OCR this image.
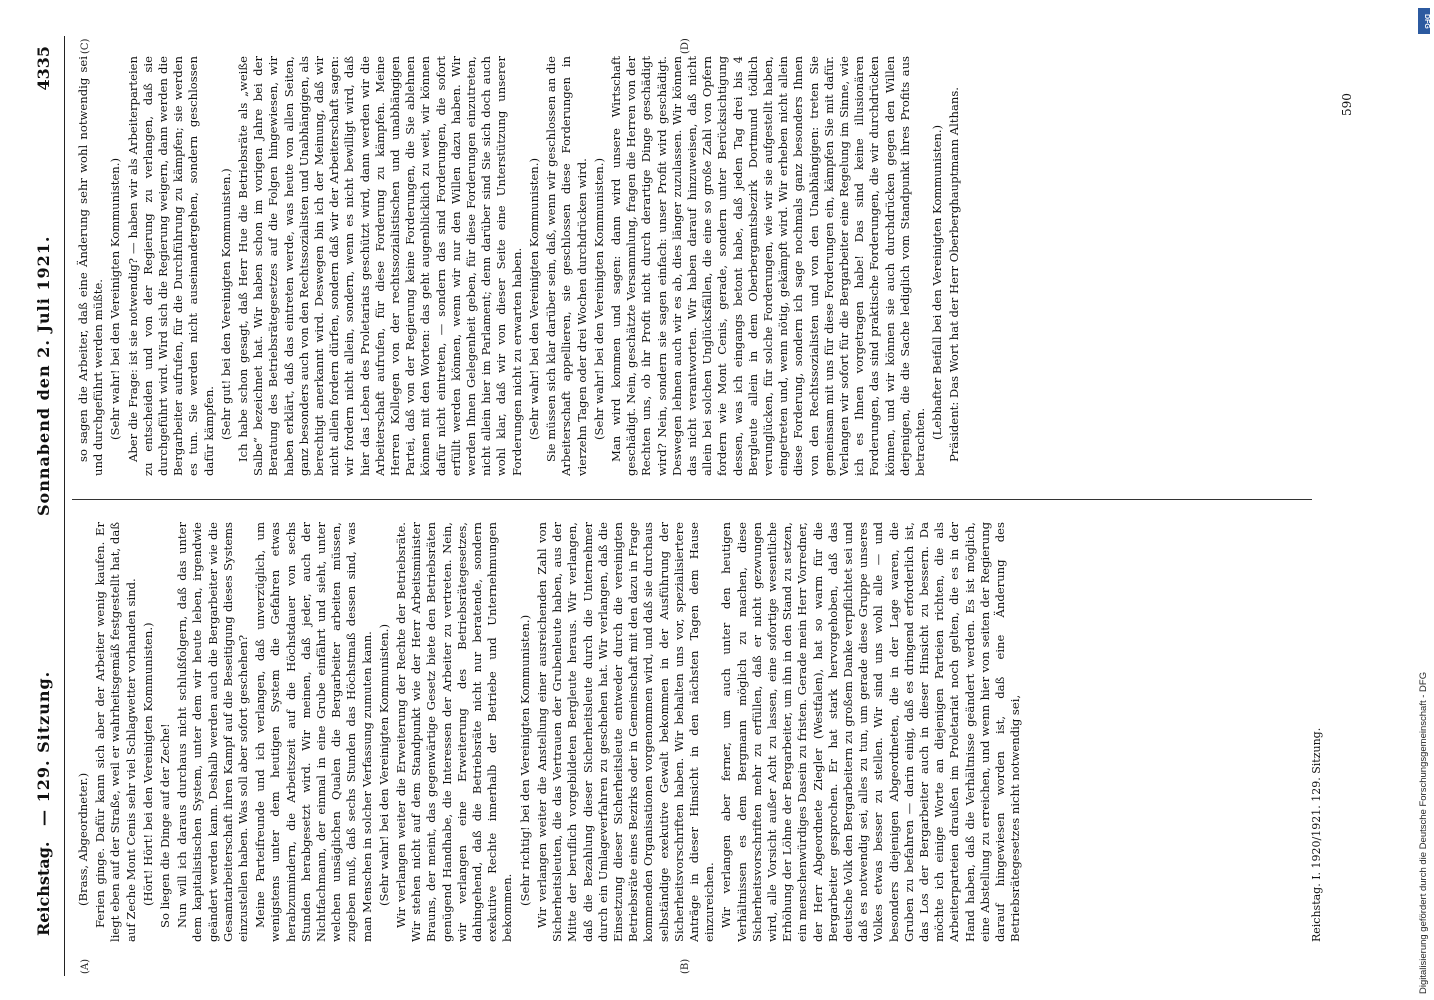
Reichstag.
— 129. Sitzung.
Sonnabend den 2. Juli 1921.
4335
(A)	(B)
(C)	(D)

(Brass, Abgeordneter.) Ferien ginge. Dafür kann sich aber der Arbeiter wenig kaufen. Er liegt eben auf der Straße, weil er wahrheitsgemäß festgestellt hat, daß auf Zeche Mont Cenis sehr viel Schlagwetter vorhanden sind. (Hört! Hört! bei den Vereinigten Kommunisten.) So liegen die Dinge auf der Zeche! Nun will ich daraus durchaus nicht schlußfolgern, daß das unter dem kapitalistischen System, unter dem wir heute leben, irgendwie geändert werden kann. Deshalb werden auch die Bergarbeiter wie die Gesamtarbeiterschaft ihren Kampf auf die Beseitigung dieses Systems einzustellen haben. Was soll aber sofort geschehen? Meine Parteifreunde und ich verlangen, daß unverzüglich, um wenigstens unter dem heutigen System die Gefahren etwas herabzumindern, die Arbeitszeit auf die Höchstdauer von sechs Stunden herabgesetzt wird. Wir meinen, daß jeder, auch der Nichtfachmann, der einmal in eine Grube einfährt und sieht, unter welchen unsäglichen Qualen die Bergarbeiter arbeiten müssen, zugeben muß, daß sechs Stunden das Höchstmaß dessen sind, was man Menschen in solcher Verfassung zumuten kann. (Sehr wahr! bei den Vereinigten Kommunisten.) Wir verlangen weiter die Erweiterung der Rechte der Betriebsräte. Wir stehen nicht auf dem Standpunkt wie der Herr Arbeitsminister Brauns, der meint, das gegenwärtige Gesetz biete den Betriebsräten genügend Handhabe, die Interessen der Arbeiter zu vertreten. Nein, wir verlangen eine Erweiterung des Betriebsrätegesetzes, dahingehend, daß die Betriebsräte nicht nur beratende, sondern exekutive Rechte innerhalb der Betriebe und Unternehmungen bekommen.

(Sehr richtig! bei den Vereinigten Kommunisten.) Wir verlangen weiter die Anstellung einer ausreichenden Zahl von Sicherheitsleuten, die das Vertrauen der Grubenleute haben, aus der Mitte der beruflich vorgebildeten Bergleute heraus. Wir verlangen, daß die Bezahlung dieser Sicherheitsleute durch die Unternehmer durch ein Umlageverfahren zu geschehen hat. Wir verlangen, daß die Einsetzung dieser Sicherheitsleute entweder durch die vereinigten Betriebsräte eines Bezirks oder in Gemeinschaft mit den dazu in Frage kommenden Organisationen vorgenommen wird, und daß sie durchaus selbständige exekutive Gewalt bekommen in der Ausführung der Sicherheitsvorschriften haben. Wir behalten uns vor, spezialisiertere Anträge in dieser Hinsicht in den nächsten Tagen dem Hause einzureichen. Wir verlangen aber ferner, um auch unter den heutigen Verhältnissen es dem Bergmann möglich zu machen, diese Sicherheitsvorschriften mehr zu erfüllen, daß er nicht gezwungen wird, alle Vorsicht außer Acht zu lassen, eine sofortige wesentliche Erhöhung der Löhne der Bergarbeiter, um ihn in den Stand zu setzen, ein menschenwürdiges Dasein zu fristen. Gerade mein Herr Vorredner, der Herr Abgeordnete Ziegler (Westfalen), hat so warm für die Bergarbeiter gesprochen. Er hat stark hervorgehoben, daß das deutsche Volk den Bergarbeitern zu großem Danke verpflichtet sei und daß es notwendig sei, alles zu tun, um gerade diese Gruppe unseres Volkes etwas besser zu stellen. Wir sind uns wohl alle — und besonders diejenigen Abgeordneten, die in der Lage waren, die Gruben zu befahren — darin einig, daß es dringend erforderlich ist, das Los der Bergarbeiter auch in dieser Hinsicht zu bessern. Da möchte ich einige Worte an diejenigen Parteien richten, die als Arbeiterparteien draußen im Proletariat noch gelten, die es in der Hand haben, daß die Verhältnisse geändert werden. Es ist möglich, eine Abstellung zu erreichen, und wenn hier von seiten der Regierung darauf hingewiesen worden ist, daß eine Änderung des Betriebsrätegesetzes nicht notwendig sei,

so sagen die Arbeiter, daß eine Änderung sehr wohl notwendig sei und durchgeführt werden müßte. (Sehr wahr! bei den Vereinigten Kommunisten.) Aber die Frage: ist sie notwendig? — haben wir als Arbeiterparteien zu entscheiden und von der Regierung zu verlangen, daß sie durchgeführt wird. Wird sich die Regierung weigern, dann werden die Bergarbeiter aufrufen, für die Durchführung zu kämpfen; sie werden es tun. Sie werden nicht auseinandergehen, sondern geschlossen dafür kämpfen. (Sehr gut! bei den Vereinigten Kommunisten.) Ich habe schon gesagt, daß Herr Hue die Betriebsräte als „weiße Salbe“ bezeichnet hat. Wir haben schon im vorigen Jahre bei der Beratung des Betriebsrätegesetzes auf die Folgen hingewiesen, wir haben erklärt, daß das eintreten werde, was heute von allen Seiten, ganz besonders auch von den Rechtssozialisten und Unabhängigen, als berechtigt anerkannt wird. Deswegen bin ich der Meinung, daß wir nicht allein fordern dürfen, sondern daß wir der Arbeiterschaft sagen: wir fordern nicht allein, sondern, wenn es nicht bewilligt wird, daß hier das Leben des Proletariats geschützt wird, dann werden wir die Arbeiterschaft aufrufen, für diese Forderung zu kämpfen. Meine Herren Kollegen von der rechtssozialistischen und unabhängigen Partei, daß von der Regierung keine Forderungen, die Sie ablehnen können mit den Worten: das geht augenblicklich zu weit, wir können dafür nicht eintreten, — sondern das sind Forderungen, die sofort erfüllt werden können, wenn wir nur den Willen dazu haben. Wir werden Ihnen Gelegenheit geben, für diese Forderungen einzutreten, nicht allein hier im Parlament; denn darüber sind Sie sich doch auch wohl klar, daß wir von dieser Seite eine Unterstützung unserer Forderungen nicht zu erwarten haben. (Sehr wahr! bei den Vereinigten Kommunisten.) Sie müssen sich klar darüber sein, daß, wenn wir geschlossen an die Arbeiterschaft appellieren, sie geschlossen diese Forderungen in vierzehn Tagen oder drei Wochen durchdrücken wird. (Sehr wahr! bei den Vereinigten Kommunisten.) Man wird kommen und sagen: dann wird unsere Wirtschaft geschädigt. Nein, geschätzte Versammlung, fragen die Herren von der Rechten uns, ob ihr Profit nicht durch derartige Dinge geschädigt wird? Nein, sondern sie sagen einfach: unser Profit wird geschädigt. Deswegen lehnen auch wir es ab, dies länger zuzulassen. Wir können das nicht verantworten. Wir haben darauf hinzuweisen, daß nicht allein bei solchen Unglücksfällen, die eine so große Zahl von Opfern fordern wie Mont Cenis, gerade, sondern unter Berücksichtigung dessen, was ich eingangs betont habe, daß jeden Tag drei bis 4 Bergleute allein in dem Oberbergamtsbezirk Dortmund tödlich verunglücken, für solche Forderungen, wie wir sie aufgestellt haben, eingetreten und, wenn nötig, gekämpft wird. Wir erheben nicht allein diese Forderung, sondern ich sage nochmals ganz besonders Ihnen von den Rechtssozialisten und von den Unabhängigen: treten Sie gemeinsam mit uns für diese Forderungen ein, kämpfen Sie mit dafür. Verlangen wir sofort für die Bergarbeiter eine Regelung im Sinne, wie ich es Ihnen vorgetragen habe! Das sind keine illusionären Forderungen, das sind praktische Forderungen, die wir durchdrücken können, und wir können sie auch durchdrücken gegen den Willen derjenigen, die die Sache lediglich vom Standpunkt ihres Profits aus betrachten.

(Lebhafter Beifall bei den Vereinigten Kommunisten.) Präsident: Das Wort hat der Herr Oberberghauptmann Althans.

Reichstag. I. 1920/1921. 129. Sitzung.
590
Digitalisierung gefördert durch die Deutsche Forschungsgemeinschaft - DFG
DFG
